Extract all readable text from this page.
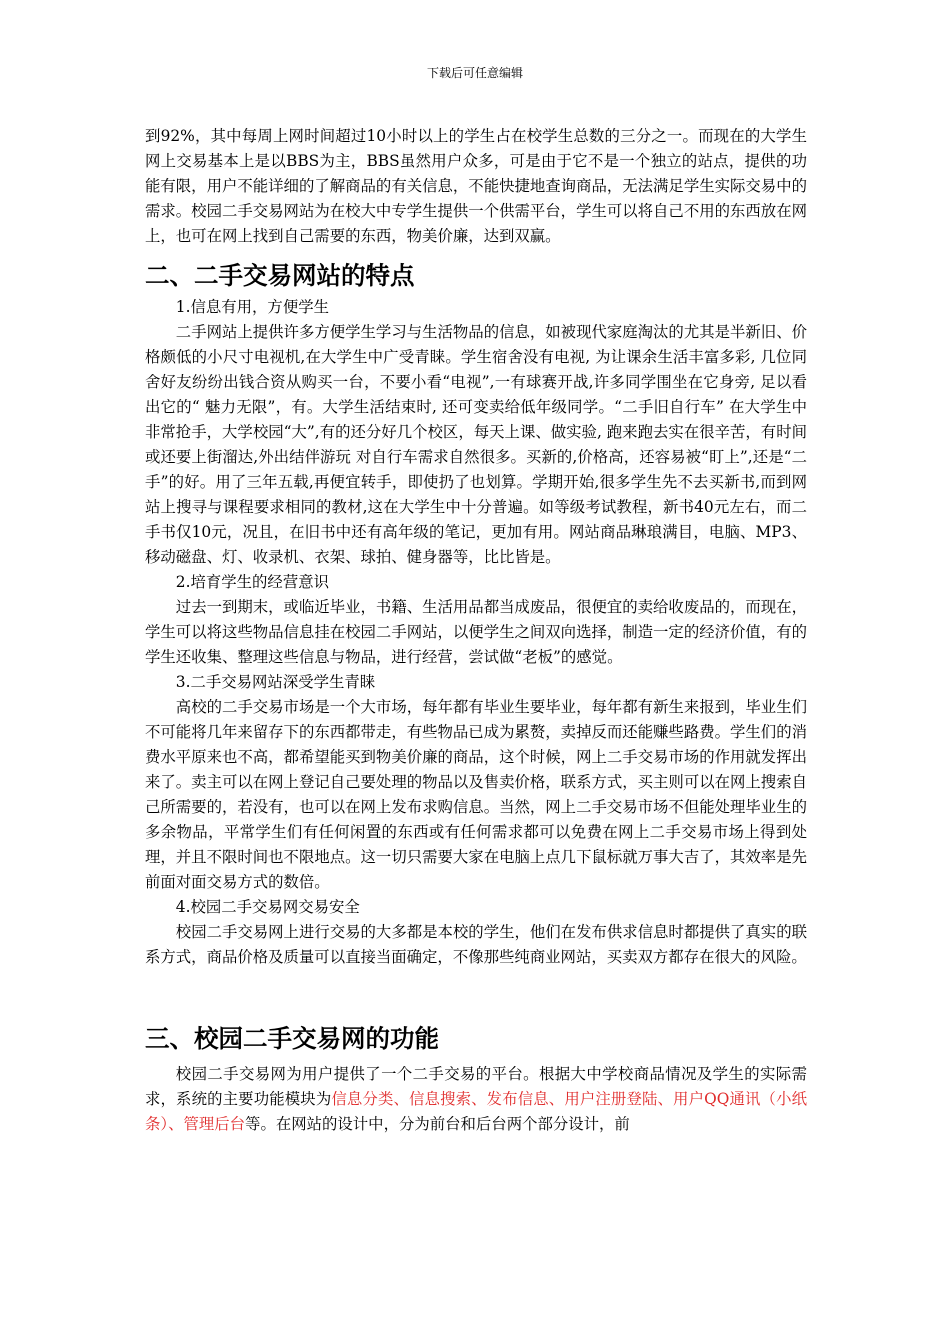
下载后可任意编辑

到92%，其中每周上网时间超过10小时以上的学生占在校学生总数的三分之一。而现在的大学生网上交易基本上是以BBS为主，BBS虽然用户众多，可是由于它不是一个独立的站点，提供的功能有限，用户不能详细的了解商品的有关信息，不能快捷地查询商品，无法满足学生实际交易中的需求。校园二手交易网站为在校大中专学生提供一个供需平台，学生可以将自己不用的东西放在网上，也可在网上找到自己需要的东西，物美价廉，达到双赢。

二、二手交易网站的特点

1.信息有用，方便学生

二手网站上提供许多方便学生学习与生活物品的信息，如被现代家庭淘汰的尤其是半新旧、价格颇低的小尺寸电视机,在大学生中广受青睐。学生宿舍没有电视, 为让课余生活丰富多彩, 几位同舍好友纷纷出钱合资从购买一台，不要小看“电视”,一有球赛开战,许多同学围坐在它身旁, 足以看出它的“ 魅力无限”，有。大学生活结束时, 还可变卖给低年级同学。“二手旧自行车” 在大学生中非常抢手，大学校园“大”,有的还分好几个校区，每天上课、做实验, 跑来跑去实在很辛苦，有时间或还要上街溜达,外出结伴游玩 对自行车需求自然很多。买新的,价格高，还容易被“盯上”,还是“二手”的好。用了三年五载,再便宜转手，即使扔了也划算。学期开始,很多学生先不去买新书,而到网站上搜寻与课程要求相同的教材,这在大学生中十分普遍。如等级考试教程，新书40元左右，而二手书仅10元，况且，在旧书中还有高年级的笔记，更加有用。网站商品琳琅满目，电脑、MP3、移动磁盘、灯、收录机、衣架、球拍、健身器等，比比皆是。

2.培育学生的经营意识

过去一到期末，或临近毕业，书籍、生活用品都当成废品，很便宜的卖给收废品的，而现在，学生可以将这些物品信息挂在校园二手网站，以便学生之间双向选择，制造一定的经济价值，有的学生还收集、整理这些信息与物品，进行经营，尝试做“老板”的感觉。

3.二手交易网站深受学生青睐

高校的二手交易市场是一个大市场，每年都有毕业生要毕业，每年都有新生来报到，毕业生们不可能将几年来留存下的东西都带走，有些物品已成为累赘，卖掉反而还能赚些路费。学生们的消费水平原来也不高，都希望能买到物美价廉的商品，这个时候，网上二手交易市场的作用就发挥出来了。卖主可以在网上登记自己要处理的物品以及售卖价格，联系方式，买主则可以在网上搜索自己所需要的，若没有，也可以在网上发布求购信息。当然，网上二手交易市场不但能处理毕业生的多余物品，平常学生们有任何闲置的东西或有任何需求都可以免费在网上二手交易市场上得到处理，并且不限时间也不限地点。这一切只需要大家在电脑上点几下鼠标就万事大吉了，其效率是先前面对面交易方式的数倍。

4.校园二手交易网交易安全

校园二手交易网上进行交易的大多都是本校的学生，他们在发布供求信息时都提供了真实的联系方式，商品价格及质量可以直接当面确定，不像那些纯商业网站，买卖双方都存在很大的风险。

三、校园二手交易网的功能

校园二手交易网为用户提供了一个二手交易的平台。根据大中学校商品情况及学生的实际需求，系统的主要功能模块为信息分类、信息搜索、发布信息、用户注册登陆、用户QQ通讯（小纸条）、管理后台等。在网站的设计中，分为前台和后台两个部分设计，前
